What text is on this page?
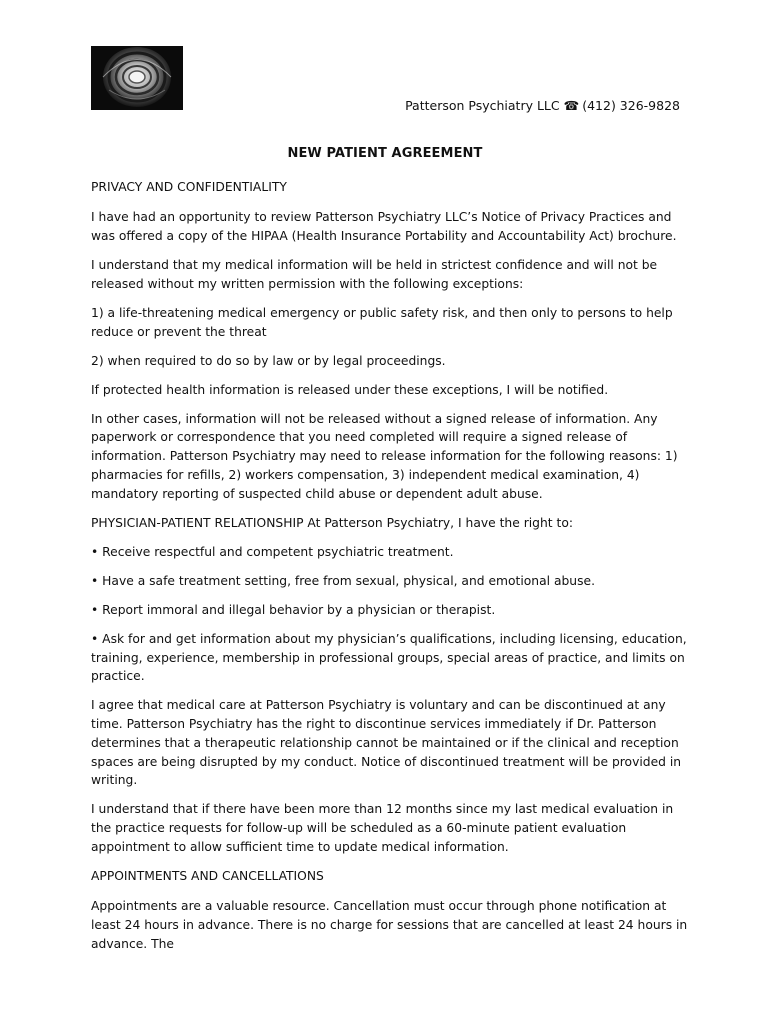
Patterson Psychiatry LLC ☎ (412) 326-9828
NEW PATIENT AGREEMENT

PRIVACY AND CONFIDENTIALITY

I have had an opportunity to review Patterson Psychiatry LLC’s Notice of Privacy Practices and was offered a copy of the HIPAA (Health Insurance Portability and Accountability Act) brochure.

I understand that my medical information will be held in strictest confidence and will not be released without my written permission with the following exceptions:

1) a life-threatening medical emergency or public safety risk, and then only to persons to help reduce or prevent the threat

2) when required to do so by law or by legal proceedings.

If protected health information is released under these exceptions, I will be notified.

In other cases, information will not be released without a signed release of information. Any paperwork or correspondence that you need completed will require a signed release of information. Patterson Psychiatry may need to release information for the following reasons: 1) pharmacies for refills, 2) workers compensation, 3) independent medical examination, 4) mandatory reporting of suspected child abuse or dependent adult abuse.

PHYSICIAN-PATIENT RELATIONSHIP At Patterson Psychiatry, I have the right to:

• Receive respectful and competent psychiatric treatment.

• Have a safe treatment setting, free from sexual, physical, and emotional abuse.

• Report immoral and illegal behavior by a physician or therapist.

• Ask for and get information about my physician’s qualifications, including licensing, education, training, experience, membership in professional groups, special areas of practice, and limits on practice.

I agree that medical care at Patterson Psychiatry is voluntary and can be discontinued at any time. Patterson Psychiatry has the right to discontinue services immediately if Dr. Patterson determines that a therapeutic relationship cannot be maintained or if the clinical and reception spaces are being disrupted by my conduct. Notice of discontinued treatment will be provided in writing.

I understand that if there have been more than 12 months since my last medical evaluation in the practice requests for follow-up will be scheduled as a 60-minute patient evaluation appointment to allow sufficient time to update medical information.

APPOINTMENTS AND CANCELLATIONS

Appointments are a valuable resource. Cancellation must occur through phone notification at least 24 hours in advance. There is no charge for sessions that are cancelled at least 24 hours in advance. The
